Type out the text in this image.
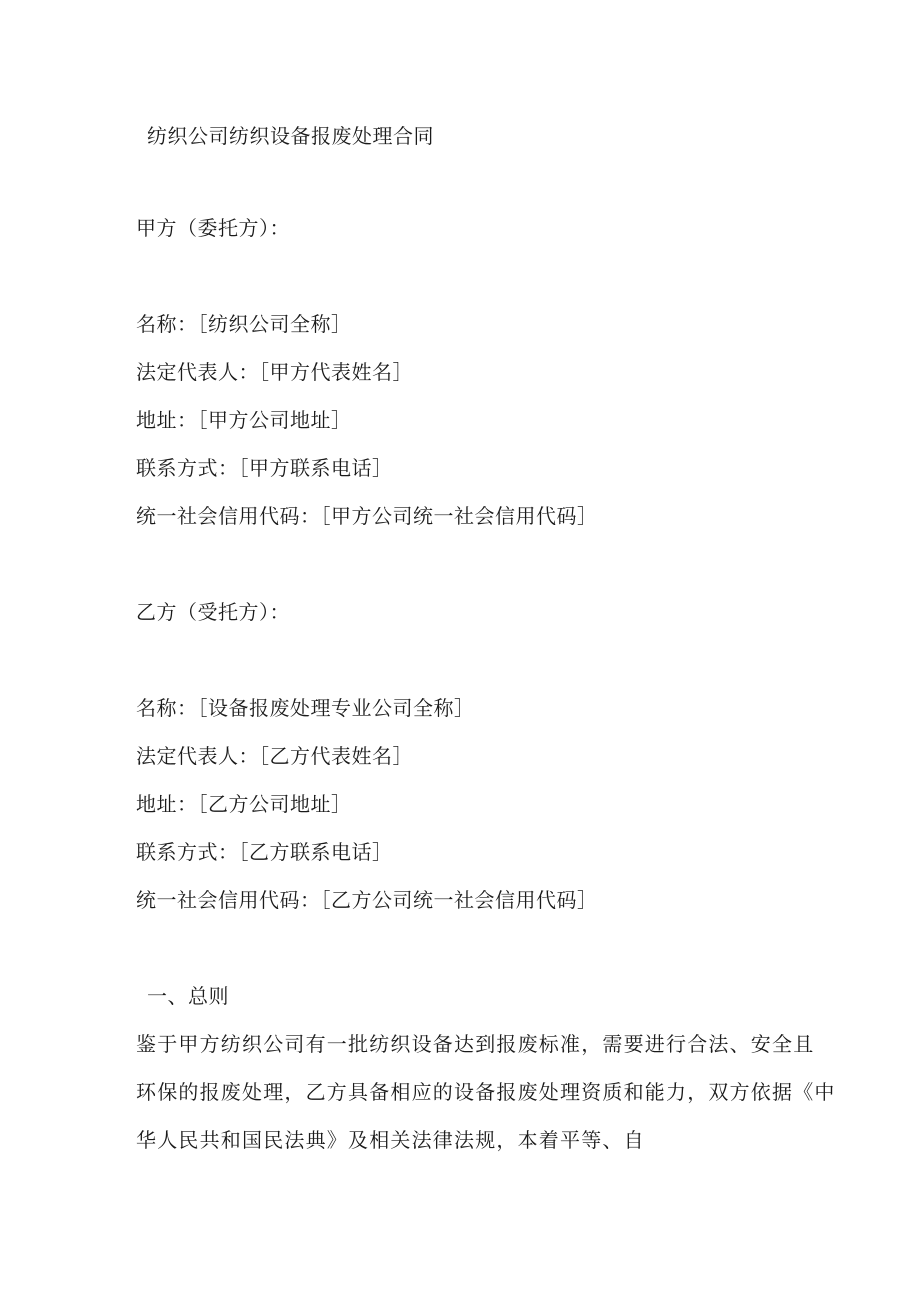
纺织公司纺织设备报废处理合同
甲方（委托方）：
名称：［纺织公司全称］
法定代表人：［甲方代表姓名］
地址：［甲方公司地址］
联系方式：［甲方联系电话］
统一社会信用代码：［甲方公司统一社会信用代码］
乙方（受托方）：
名称：［设备报废处理专业公司全称］
法定代表人：［乙方代表姓名］
地址：［乙方公司地址］
联系方式：［乙方联系电话］
统一社会信用代码：［乙方公司统一社会信用代码］
一、总则
鉴于甲方纺织公司有一批纺织设备达到报废标准，需要进行合法、安全且
环保的报废处理，乙方具备相应的设备报废处理资质和能力，双方依据《中
华人民共和国民法典》及相关法律法规，本着平等、自
